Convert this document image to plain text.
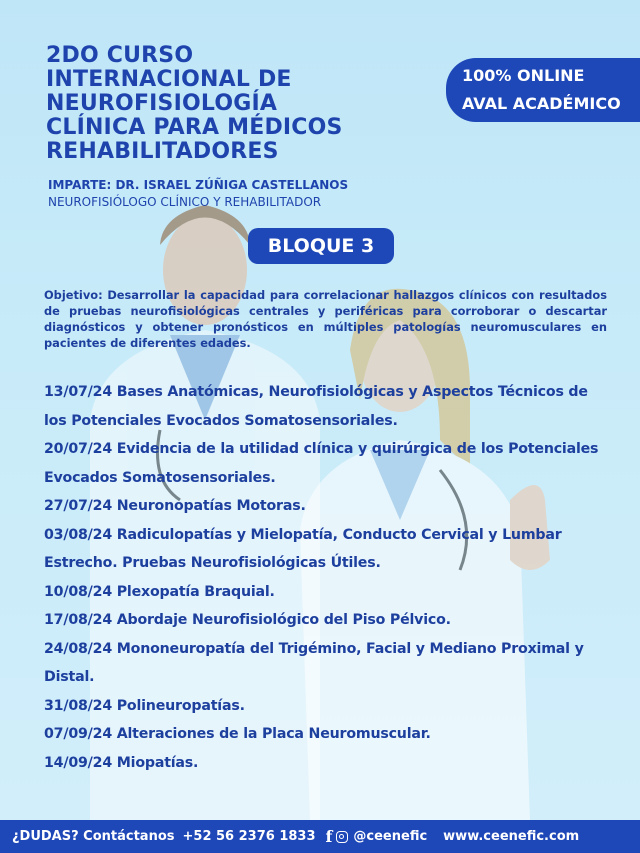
2DO CURSO
INTERNACIONAL DE
NEUROFISIOLOGÍA
CLÍNICA PARA MÉDICOS
REHABILITADORES
100% ONLINE
AVAL ACADÉMICO
IMPARTE: DR. ISRAEL ZÚÑIGA CASTELLANOS
NEUROFISIÓLOGO CLÍNICO Y REHABILITADOR
BLOQUE 3

Objetivo: Desarrollar la capacidad para correlacionar hallazgos clínicos con resultados de pruebas neurofisiológicas centrales y periféricas para corroborar o descartar diagnósticos y obtener pronósticos en múltiples patologías neuromusculares en pacientes de diferentes edades.

13/07/24 Bases Anatómicas, Neurofisiológicas y Aspectos Técnicos de los Potenciales Evocados Somatosensoriales.
20/07/24 Evidencia de la utilidad clínica y quirúrgica de los Potenciales Evocados Somatosensoriales.
27/07/24 Neuronopatías Motoras.
03/08/24 Radiculopatías y Mielopatía, Conducto Cervical y Lumbar Estrecho. Pruebas Neurofisiológicas Útiles.
10/08/24 Plexopatía Braquial.
17/08/24 Abordaje Neurofisiológico del Piso Pélvico.
24/08/24 Mononeuropatía del Trigémino, Facial y Mediano Proximal y Distal.
31/08/24 Polineuropatías.
07/09/24 Alteraciones de la Placa Neuromuscular.
14/09/24 Miopatías.
¿DUDAS? Contáctanos +52 56 2376 1833 f @ceenefic www.ceenefic.com
